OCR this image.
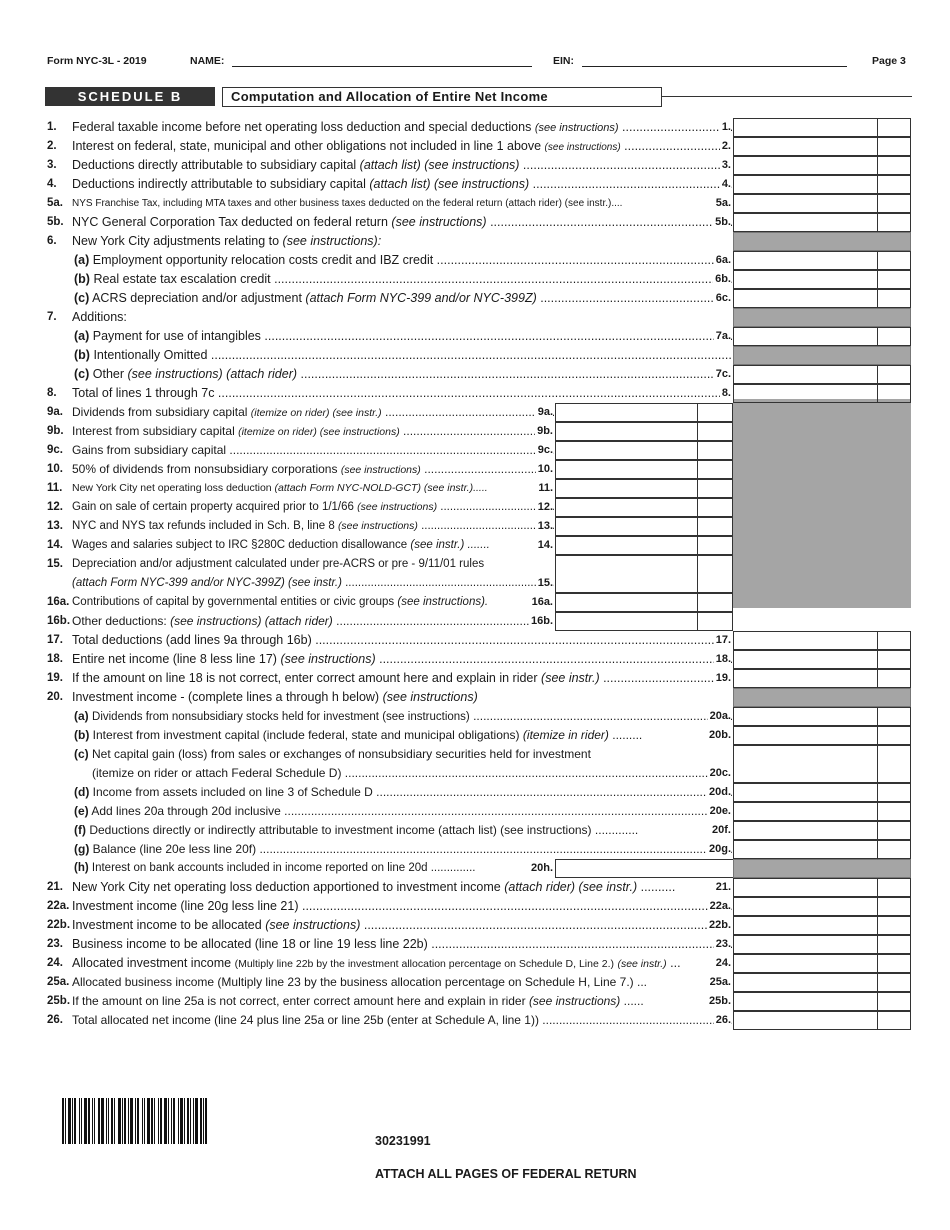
Form NYC-3L - 2019	NAME:	EIN:	Page 3
SCHEDULE B	Computation and Allocation of Entire Net Income
1. Federal taxable income before net operating loss deduction and special deductions (see instructions) .....	1.
2. Interest on federal, state, municipal and other obligations not included in line 1 above (see instructions) .....	2.
3. Deductions directly attributable to subsidiary capital (attach list) (see instructions) .....	3.
4. Deductions indirectly attributable to subsidiary capital (attach list) (see instructions) .....	4.
5a. NYS Franchise Tax, including MTA taxes and other business taxes deducted on the federal return (attach rider) (see instr.)....	5a.
5b. NYC General Corporation Tax deducted on federal return (see instructions) .....	5b.
6. New York City adjustments relating to (see instructions):
(a) Employment opportunity relocation costs credit and IBZ credit .....	6a.
(b) Real estate tax escalation credit .....	6b.
(c) ACRS depreciation and/or adjustment (attach Form NYC-399 and/or NYC-399Z) .....	6c.
7. Additions:
(a) Payment for use of intangibles .....	7a.
(b) Intentionally Omitted .....
(c) Other (see instructions) (attach rider) .....	7c.
8. Total of lines 1 through 7c .....	8.
9a. Dividends from subsidiary capital (itemize on rider) (see instr.) .....	9a.
9b. Interest from subsidiary capital (itemize on rider) (see instructions) .....	9b.
9c. Gains from subsidiary capital .....	9c.
10. 50% of dividends from nonsubsidiary corporations (see instructions) .....	10.
11. New York City net operating loss deduction (attach Form NYC-NOLD-GCT) (see instr.).....	11.
12. Gain on sale of certain property acquired prior to 1/1/66 (see instructions) .....	12.
13. NYC and NYS tax refunds included in Sch. B, line 8 (see instructions) .....	13.
14. Wages and salaries subject to IRC §280C deduction disallowance (see instr.) .......	14.
15. Depreciation and/or adjustment calculated under pre-ACRS or pre - 9/11/01 rules
(attach Form NYC-399 and/or NYC-399Z) (see instr.) .....	15.
16a. Contributions of capital by governmental entities or civic groups (see instructions).	16a.
16b. Other deductions: (see instructions) (attach rider) .....	16b.
17. Total deductions (add lines 9a through 16b) .....	17.
18. Entire net income (line 8 less line 17) (see instructions) .....	18.
19. If the amount on line 18 is not correct, enter correct amount here and explain in rider (see instr.) .....	19.
20. Investment income - (complete lines a through h below) (see instructions)
(a) Dividends from nonsubsidiary stocks held for investment (see instructions) .....	20a.
(b) Interest from investment capital (include federal, state and municipal obligations) (itemize in rider) .........	20b.
(c) Net capital gain (loss) from sales or exchanges of nonsubsidiary securities held for investment
(itemize on rider or attach Federal Schedule D) .....	20c.
(d) Income from assets included on line 3 of Schedule D .....	20d.
(e) Add lines 20a through 20d inclusive .....	20e.
(f) Deductions directly or indirectly attributable to investment income (attach list) (see instructions) .............	20f.
(g) Balance (line 20e less line 20f) .....	20g.
(h) Interest on bank accounts included in income reported on line 20d ..............	20h.
21. New York City net operating loss deduction apportioned to investment income (attach rider) (see instr.) ..........	21.
22a. Investment income (line 20g less line 21) .....	22a.
22b. Investment income to be allocated (see instructions) .....	22b.
23. Business income to be allocated (line 18 or line 19 less line 22b) .....	23.
24. Allocated investment income (Multiply line 22b by the investment allocation percentage on Schedule D, Line 2.) (see instr.) ...	24.
25a. Allocated business income (Multiply line 23 by the business allocation percentage on Schedule H, Line 7.) ...	25a.
25b. If the amount on line 25a is not correct, enter correct amount here and explain in rider (see instructions) ......	25b.
26. Total allocated net income (line 24 plus line 25a or line 25b (enter at Schedule A, line 1)) .....	26.
30231991
ATTACH ALL PAGES OF FEDERAL RETURN
